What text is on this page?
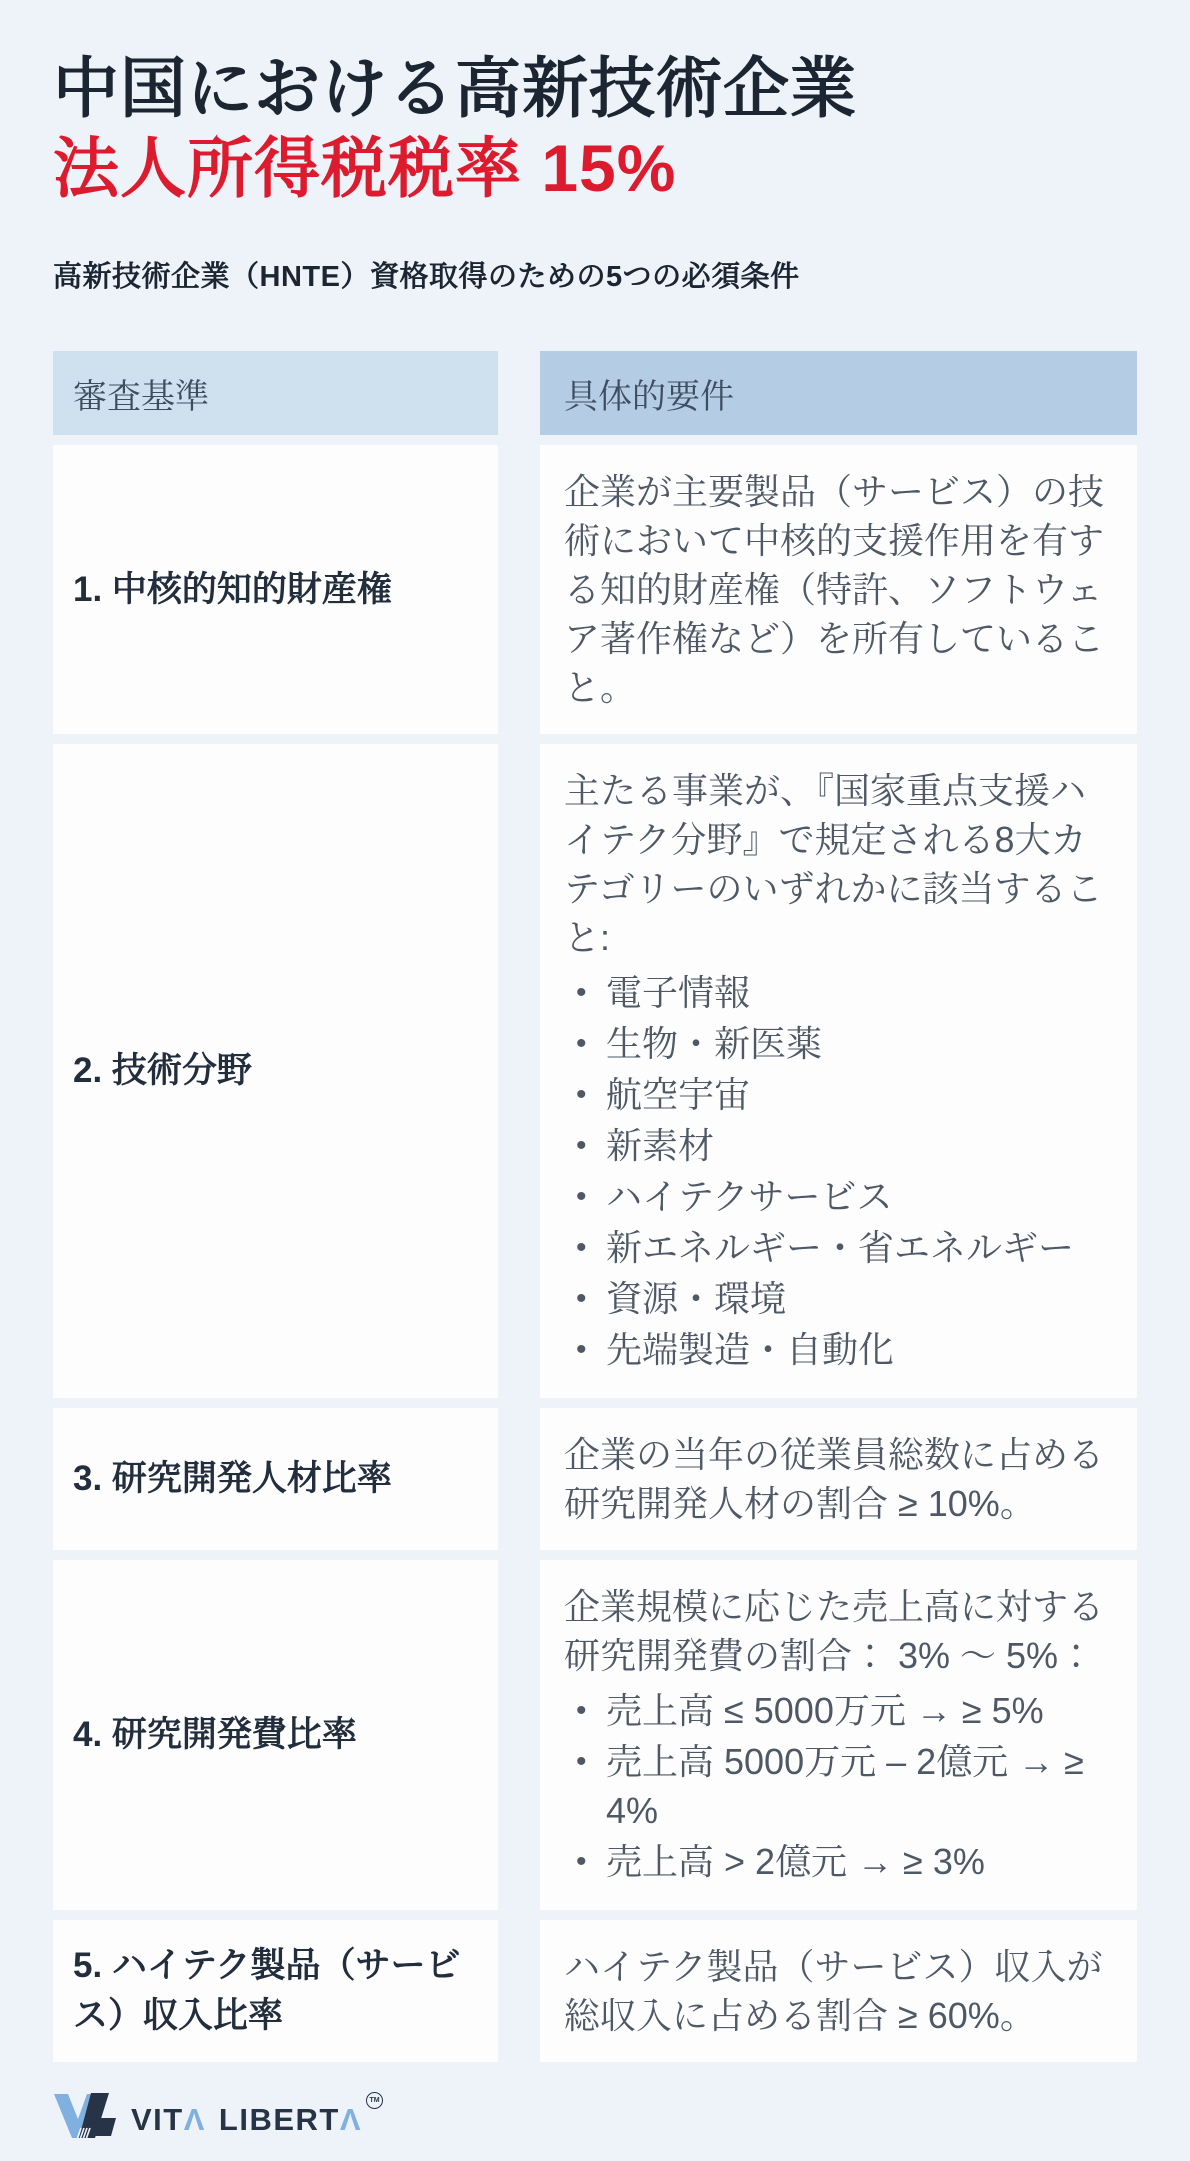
中国における高新技術企業
法人所得税税率 15%
高新技術企業（HNTE）資格取得のための5つの必須条件
審査基準	具体的要件
1. 中核的知的財産権

企業が主要製品（サービス）の技術において中核的支援作用を有する知的財産権（特許、ソフトウェア著作権など）を所有していること。

2. 技術分野

主たる事業が、『国家重点支援ハイテク分野』で規定される8大カテゴリーのいずれかに該当すること:

• 電子情報
• 生物・新医薬
• 航空宇宙
• 新素材
• ハイテクサービス
• 新エネルギー・省エネルギー
• 資源・環境
• 先端製造・自動化
3. 研究開発人材比率

企業の当年の従業員総数に占める研究開発人材の割合 ≥ 10%。

4. 研究開発費比率

企業規模に応じた売上高に対する研究開発費の割合： 3% ～ 5%：

• 売上高 ≤ 5000万元 → ≥ 5%
• 売上高 5000万元 – 2億元 → ≥ 4%
• 売上高 > 2億元 → ≥ 3%
5. ハイテク製品（サービス）収入比率

ハイテク製品（サービス）収入が総収入に占める割合 ≥ 60%。

VIT Λ LIBERT Λ
TM
